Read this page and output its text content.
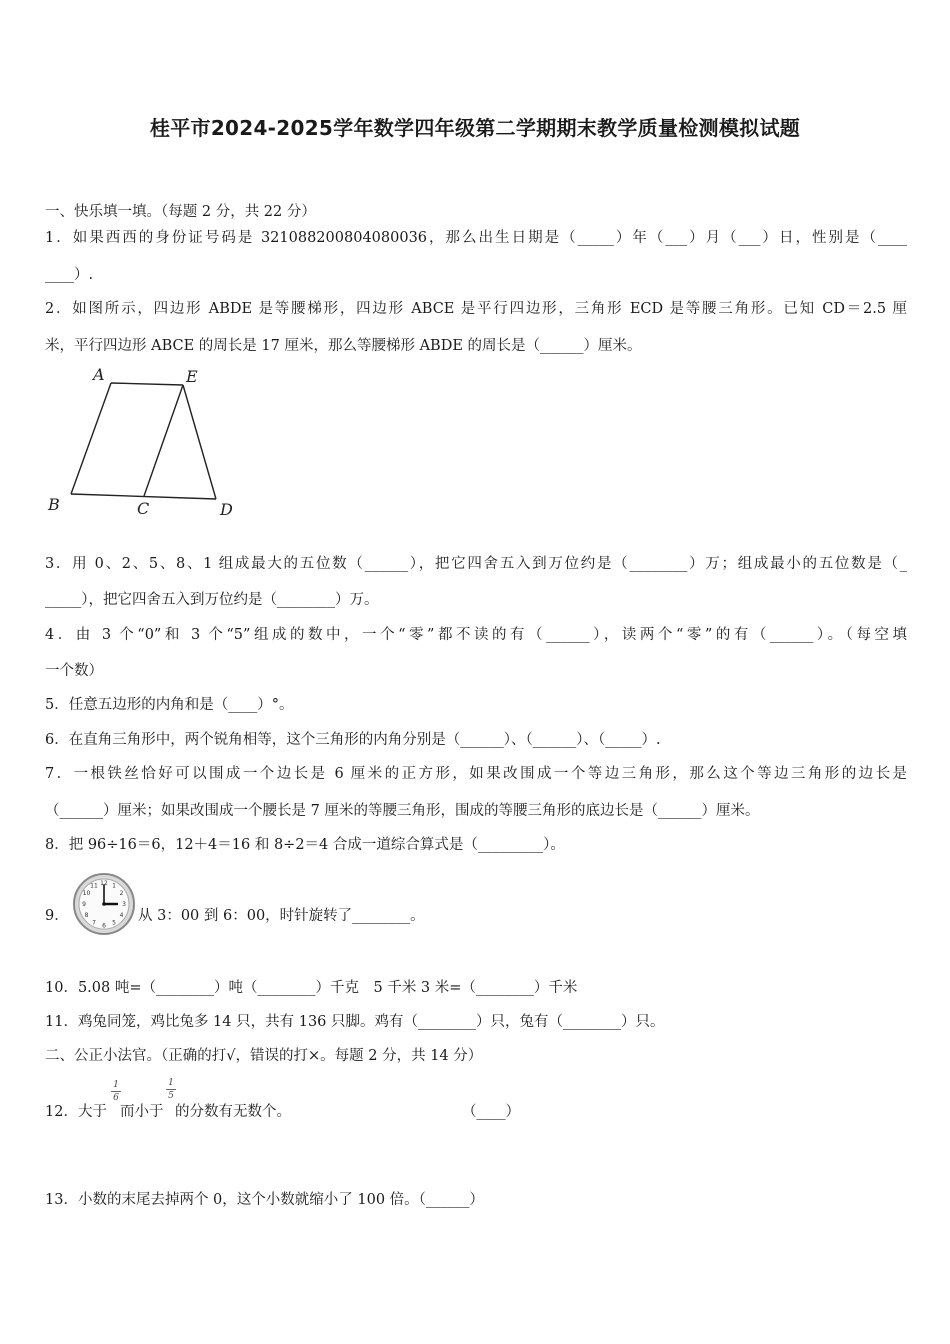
桂平市2024-2025学年数学四年级第二学期期末教学质量检测模拟试题
一、快乐填一填。（每题 2 分，共 22 分）
1．如果西西的身份证号码是 321088200804080036，那么出生日期是（_____）年（___）月（___）日，性别是（____
____）.
2．如图所示，四边形 ABDE 是等腰梯形，四边形 ABCE 是平行四边形，三角形 ECD 是等腰三角形。已知 CD＝2.5 厘
米，平行四边形 ABCE 的周长是 17 厘米，那么等腰梯形 ABDE 的周长是（______）厘米。
A	E
B	C	D
3．用 0、2、5、8、1 组成最大的五位数（______），把它四舍五入到万位约是（________）万；组成最小的五位数是（_
_____），把它四舍五入到万位约是（________）万。
4．由 3 个“0”和 3 个“5”组成的数中，一个“零”都不读的有（______），读两个“零”的有（______）。（每空填
一个数）
5．任意五边形的内角和是（____）°。
6．在直角三角形中，两个锐角相等，这个三角形的内角分别是（______）、（______）、（_____）.
7．一根铁丝恰好可以围成一个边长是 6 厘米的正方形，如果改围成一个等边三角形，那么这个等边三角形的边长是
（______）厘米；如果改围成一个腰长是 7 厘米的等腰三角形，围成的等腰三角形的底边长是（______）厘米。
8．把 96÷16＝6，12＋4＝16 和 8÷2＝4 合成一道综合算式是（_________）。
9．
12 1
2
3
4
5
6
7
8
9
10
11
从 3：00 到 6：00，时针旋转了________。
10．5.08 吨=（________）吨（________）千克　5 千米 3 米=（________）千米
11．鸡兔同笼，鸡比兔多 14 只，共有 136 只脚。鸡有（________）只，兔有（________）只。
二、公正小法官。（正确的打√，错误的打×。每题 2 分，共 14 分）
12．大于
1
6
而小于
1
5
的分数有无数个。	（____）
13．小数的末尾去掉两个 0，这个小数就缩小了 100 倍。（______）
